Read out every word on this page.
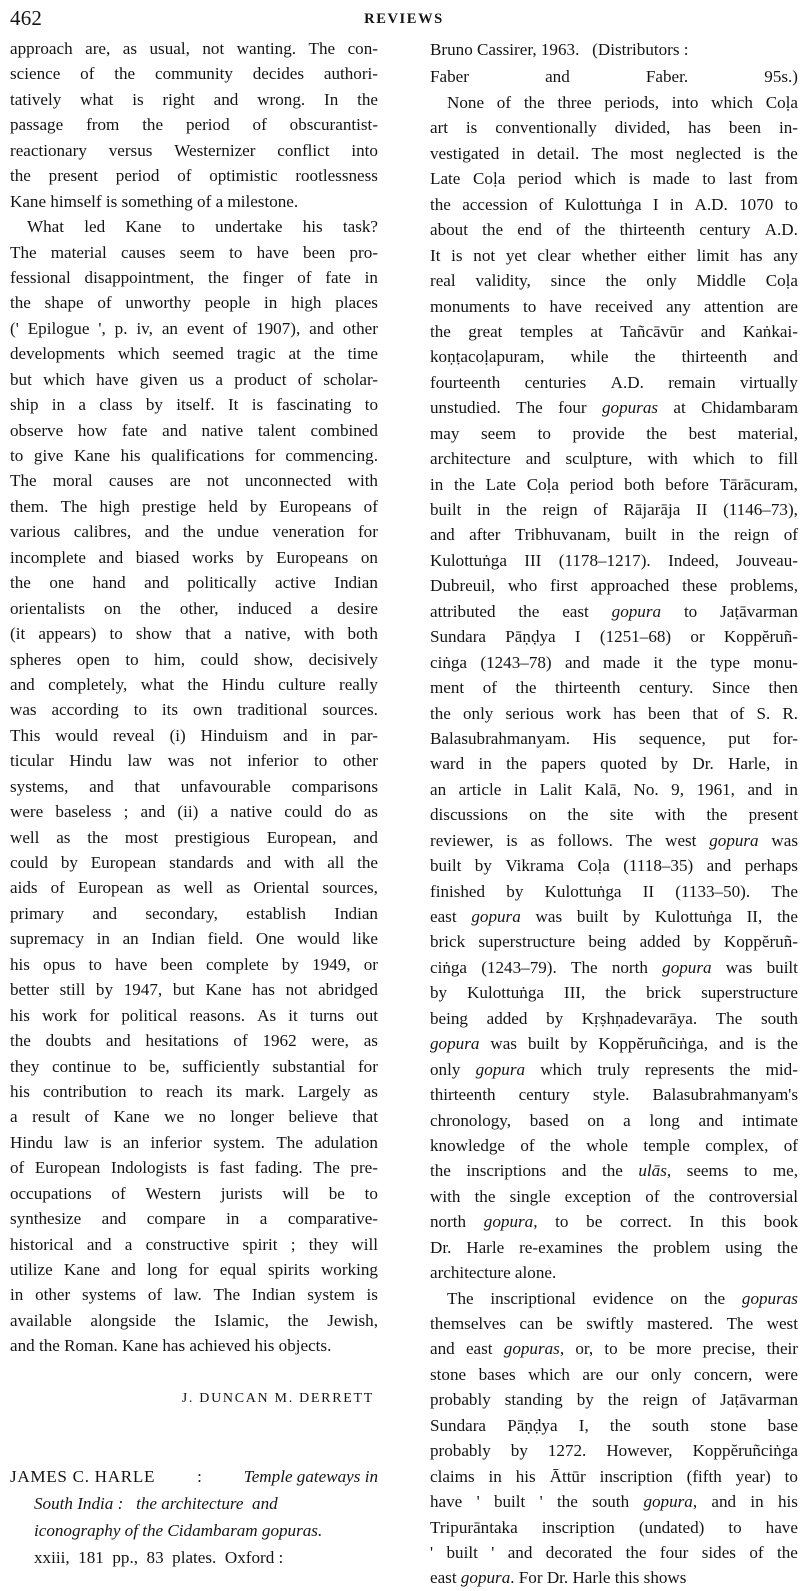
462	REVIEWS
approach are, as usual, not wanting. The con-
science of the community decides authori-
tatively what is right and wrong. In the
passage from the period of obscurantist-
reactionary versus Westernizer conflict into
the present period of optimistic rootlessness
Kane himself is something of a milestone.
What led Kane to undertake his task?
The material causes seem to have been pro-
fessional disappointment, the finger of fate in
the shape of unworthy people in high places
(' Epilogue ', p. iv, an event of 1907), and other
developments which seemed tragic at the time
but which have given us a product of scholar-
ship in a class by itself. It is fascinating to
observe how fate and native talent combined
to give Kane his qualifications for commencing.
The moral causes are not unconnected with
them. The high prestige held by Europeans of
various calibres, and the undue veneration for
incomplete and biased works by Europeans on
the one hand and politically active Indian
orientalists on the other, induced a desire
(it appears) to show that a native, with both
spheres open to him, could show, decisively
and completely, what the Hindu culture really
was according to its own traditional sources.
This would reveal (i) Hinduism and in par-
ticular Hindu law was not inferior to other
systems, and that unfavourable comparisons
were baseless ; and (ii) a native could do as
well as the most prestigious European, and
could by European standards and with all the
aids of European as well as Oriental sources,
primary and secondary, establish Indian
supremacy in an Indian field. One would like
his opus to have been complete by 1949, or
better still by 1947, but Kane has not abridged
his work for political reasons. As it turns out
the doubts and hesitations of 1962 were, as
they continue to be, sufficiently substantial for
his contribution to reach its mark. Largely as
a result of Kane we no longer believe that
Hindu law is an inferior system. The adulation
of European Indologists is fast fading. The pre-
occupations of Western jurists will be to
synthesize and compare in a comparative-
historical and a constructive spirit ; they will
utilize Kane and long for equal spirits working
in other systems of law. The Indian system is
available alongside the Islamic, the Jewish,
and the Roman. Kane has achieved his objects.
J. DUNCAN M. DERRETT
JAMES C. HARLE : Temple gateways in
South India :   the architecture  and
iconography of the Cidambaram gopuras.
xxiii,  181  pp.,  83  plates.  Oxford :
Bruno Cassirer, 1963.   (Distributors :
Faber and Faber. 95s.)
None of the three periods, into which Coḷa
art is conventionally divided, has been in-
vestigated in detail. The most neglected is the
Late Coḷa period which is made to last from
the accession of Kulottuṅga I in A.D. 1070 to
about the end of the thirteenth century A.D.
It is not yet clear whether either limit has any
real validity, since the only Middle Coḷa
monuments to have received any attention are
the great temples at Tañcāvūr and Kaṅkai-
koṇṭacoḷapuram, while the thirteenth and
fourteenth centuries A.D. remain virtually
unstudied. The four gopuras at Chidambaram
may seem to provide the best material,
architecture and sculpture, with which to fill
in the Late Coḷa period both before Tārācuram,
built in the reign of Rājarāja II (1146–73),
and after Tribhuvanam, built in the reign of
Kulottuṅga III (1178–1217). Indeed, Jouveau-
Dubreuil, who first approached these problems,
attributed the east gopura to Jaṭāvarman
Sundara Pāṇḍya I (1251–68) or Koppĕruñ-
ciṅga (1243–78) and made it the type monu-
ment of the thirteenth century. Since then
the only serious work has been that of S. R.
Balasubrahmanyam. His sequence, put for-
ward in the papers quoted by Dr. Harle, in
an article in Lalit Kalā, No. 9, 1961, and in
discussions on the site with the present
reviewer, is as follows. The west gopura was
built by Vikrama Coḷa (1118–35) and perhaps
finished by Kulottuṅga II (1133–50). The
east gopura was built by Kulottuṅga II, the
brick superstructure being added by Koppĕruñ-
ciṅga (1243–79). The north gopura was built
by Kulottuṅga III, the brick superstructure
being added by Kṛṣhṇadevarāya. The south
gopura was built by Koppĕruñciṅga, and is the
only gopura which truly represents the mid-
thirteenth century style. Balasubrahmanyam's
chronology, based on a long and intimate
knowledge of the whole temple complex, of
the inscriptions and the ulās, seems to me,
with the single exception of the controversial
north gopura, to be correct. In this book
Dr. Harle re-examines the problem using the
architecture alone.
The inscriptional evidence on the gopuras
themselves can be swiftly mastered. The west
and east gopuras, or, to be more precise, their
stone bases which are our only concern, were
probably standing by the reign of Jaṭāvarman
Sundara Pāṇḍya I, the south stone base
probably by 1272. However, Koppĕruñciṅga
claims in his Āttūr inscription (fifth year) to
have ' built ' the south gopura, and in his
Tripurāntaka inscription (undated) to have
' built ' and decorated the four sides of the
east gopura. For Dr. Harle this shows
